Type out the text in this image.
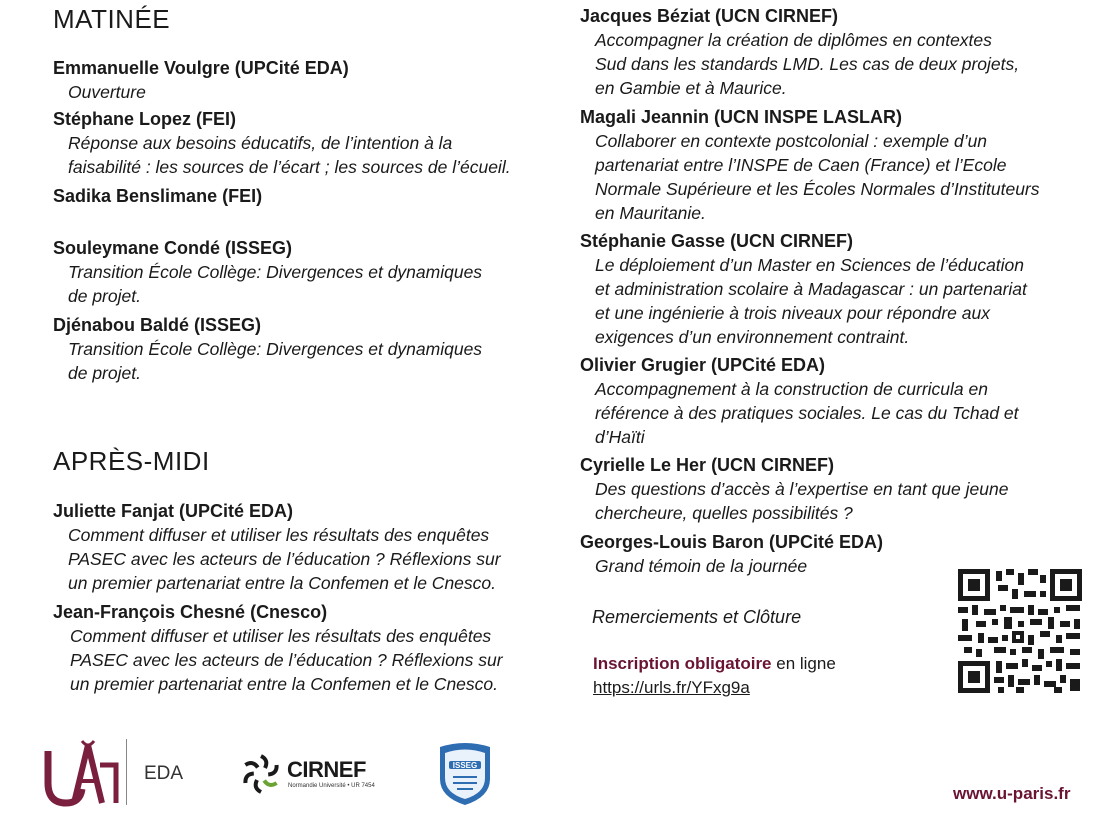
MATINÉE
Emmanuelle Voulgre (UPCité EDA)
Ouverture
Stéphane Lopez (FEI)
Réponse aux besoins éducatifs, de l’intention à la
faisabilité : les sources de l’écart ; les sources de l’écueil.
Sadika Benslimane (FEI)
Souleymane Condé (ISSEG)
Transition École Collège: Divergences et dynamiques
de projet.
Djénabou Baldé (ISSEG)
Transition École Collège: Divergences et dynamiques
de projet.
APRÈS-MIDI
Juliette Fanjat (UPCité EDA)
Comment diffuser et utiliser les résultats des enquêtes
PASEC avec les acteurs de l’éducation ? Réflexions sur
un premier partenariat entre la Confemen et le Cnesco.
Jean-François Chesné (Cnesco)
Comment diffuser et utiliser les résultats des enquêtes
PASEC avec les acteurs de l’éducation ? Réflexions sur
un premier partenariat entre la Confemen et le Cnesco.
Jacques Béziat (UCN CIRNEF)
Accompagner la création de diplômes en contextes
Sud dans les standards LMD. Les cas de deux projets,
en Gambie et à Maurice.
Magali Jeannin (UCN INSPE LASLAR)
Collaborer en contexte postcolonial : exemple d’un
partenariat entre l’INSPE de Caen (France) et l’Ecole
Normale Supérieure et les Écoles Normales d’Instituteurs
en Mauritanie.
Stéphanie Gasse (UCN CIRNEF)
Le déploiement d’un Master en Sciences de l’éducation
et administration scolaire à Madagascar : un partenariat
et une ingénierie à trois niveaux pour répondre aux
exigences d’un environnement contraint.
Olivier Grugier (UPCité EDA)
Accompagnement à la construction de curricula en
référence à des pratiques sociales. Le cas du Tchad et
d’Haïti
Cyrielle Le Her (UCN CIRNEF)
Des questions d’accès à l’expertise en tant que jeune
chercheure, quelles possibilités ?
Georges-Louis Baron (UPCité EDA)
Grand témoin de la journée
Remerciements et Clôture
Inscription obligatoire en ligne
https://urls.fr/YFxg9a
EDA	CIRNEF
Normandie Université • UR 7454
ISSEG
www.u-paris.fr
